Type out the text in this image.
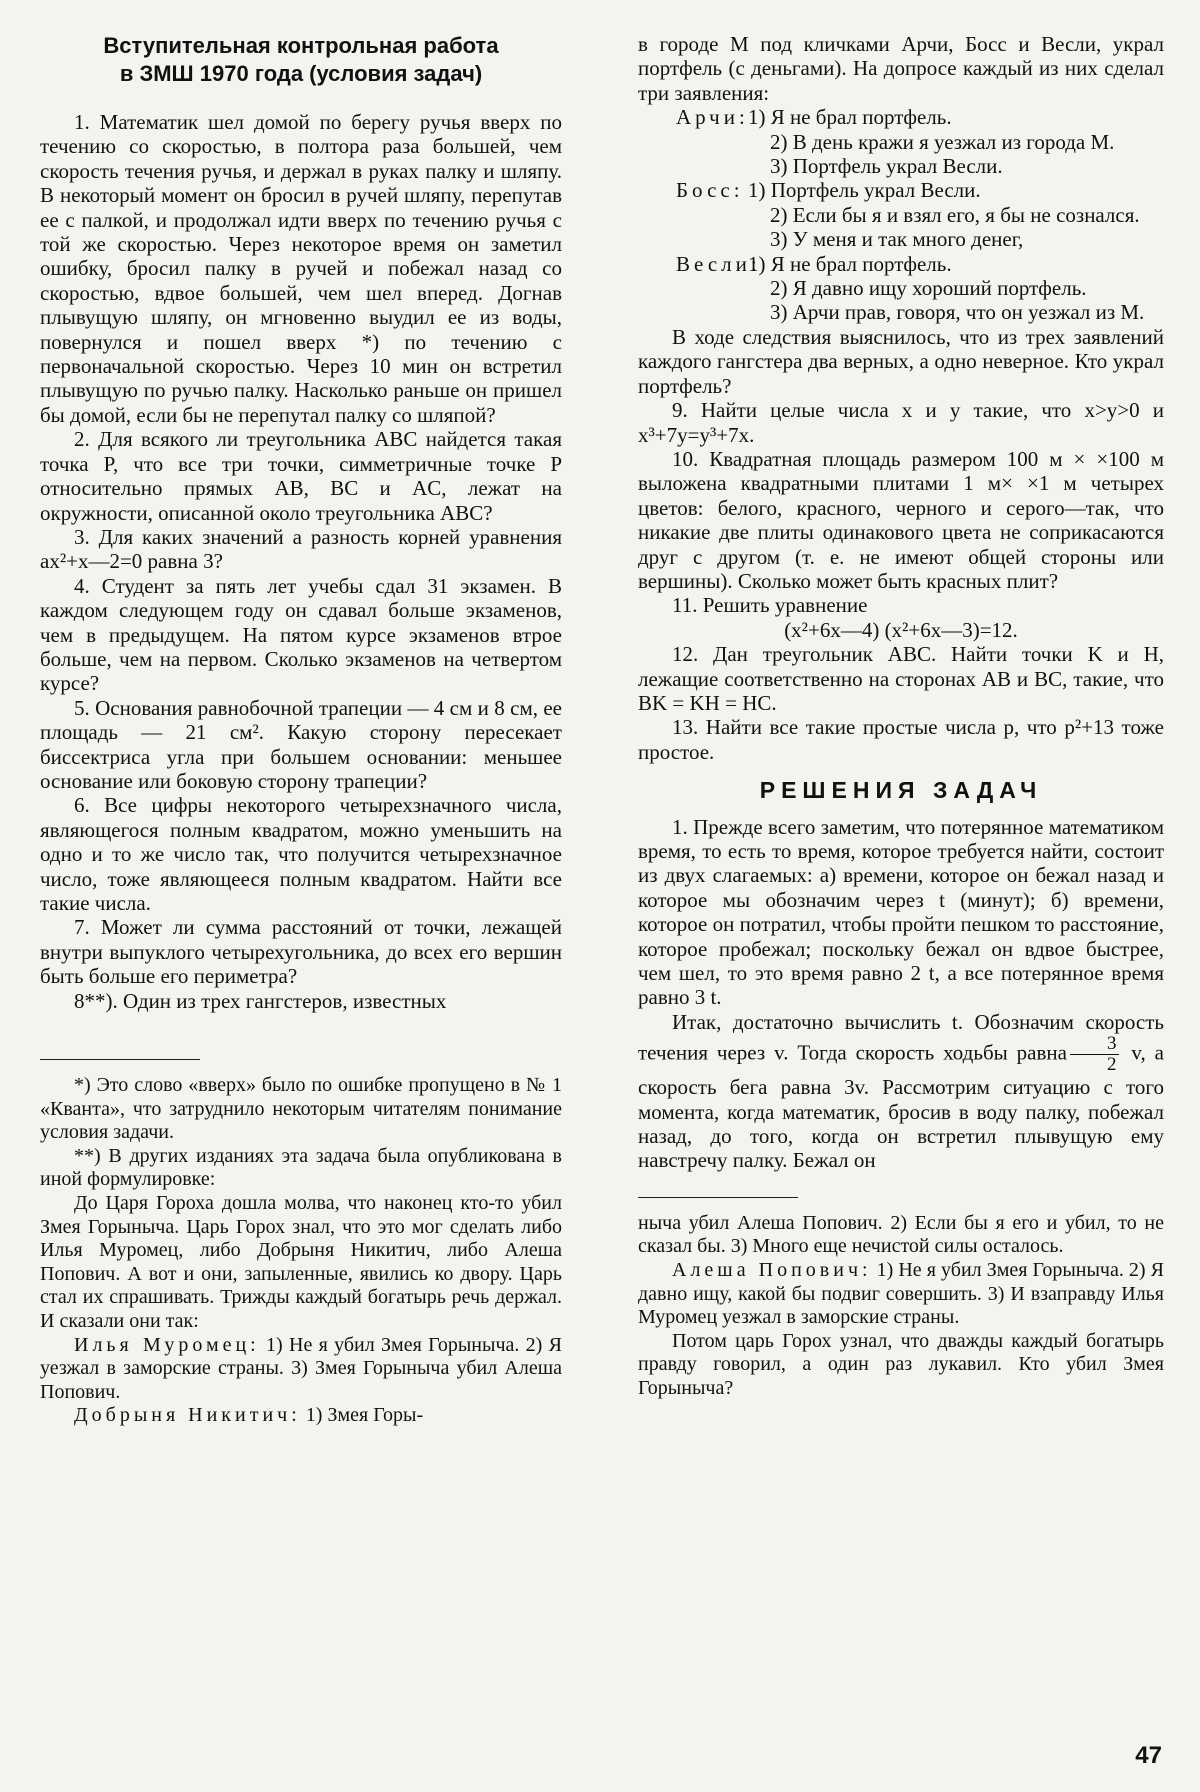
Вступительная контрольная работа
в ЗМШ 1970 года (условия задач)

1. Математик шел домой по берегу ручья вверх по течению со скоростью, в полтора раза большей, чем скорость течения ручья, и держал в руках палку и шляпу. В некоторый момент он бросил в ручей шляпу, перепутав ее с палкой, и продолжал идти вверх по течению ручья с той же скоростью. Через некоторое время он заметил ошибку, бросил палку в ручей и побежал назад со скоростью, вдвое большей, чем шел вперед. Догнав плывущую шляпу, он мгновенно выудил ее из воды, повернулся и пошел вверх *) по течению с первоначальной скоростью. Через 10 мин он встретил плывущую по ручью палку. Насколько раньше он пришел бы домой, если бы не перепутал палку со шляпой?

2. Для всякого ли треугольника ABC найдется такая точка P, что все три точки, симметричные точке P относительно прямых AB, BC и AC, лежат на окружности, описанной около треугольника ABC?

3. Для каких значений a разность корней уравнения ax²+x—2=0 равна 3?

4. Студент за пять лет учебы сдал 31 экзамен. В каждом следующем году он сдавал больше экзаменов, чем в предыдущем. На пятом курсе экзаменов втрое больше, чем на первом. Сколько экзаменов на четвертом курсе?

5. Основания равнобочной трапеции — 4 см и 8 см, ее площадь — 21 см². Какую сторону пересекает биссектриса угла при большем основании: меньшее основание или боковую сторону трапеции?

6. Все цифры некоторого четырехзначного числа, являющегося полным квадратом, можно уменьшить на одно и то же число так, что получится четырехзначное число, тоже являющееся полным квадратом. Найти все такие числа.

7. Может ли сумма расстояний от точки, лежащей внутри выпуклого четырехугольника, до всех его вершин быть больше его периметра?

8**). Один из трех гангстеров, известных

*) Это слово «вверх» было по ошибке пропущено в № 1 «Кванта», что затруднило некоторым читателям понимание условия задачи.

**) В других изданиях эта задача была опубликована в иной формулировке:

До Царя Гороха дошла молва, что наконец кто-то убил Змея Горыныча. Царь Горох знал, что это мог сделать либо Илья Муромец, либо Добрыня Никитич, либо Алеша Попович. А вот и они, запыленные, явились ко двору. Царь стал их спрашивать. Трижды каждый богатырь речь держал. И сказали они так:

Илья Муромец: 1) Не я убил Змея Горыныча. 2) Я уезжал в заморские страны. 3) Змея Горыныча убил Алеша Попович.

Добрыня Никитич: 1) Змея Горы-

в городе M под кличками Арчи, Босс и Весли, украл портфель (с деньгами). На допросе каждый из них сделал три заявления:

Арчи: 1) Я не брал портфель.

2) В день кражи я уезжал из города M.

3) Портфель украл Весли.

Босс: 1) Портфель украл Весли.

2) Если бы я и взял его, я бы не сознался.

3) У меня и так много денег,

Весли:
1) Я не брал портфель.

2) Я давно ищу хороший портфель.

3) Арчи прав, говоря, что он уезжал из M.

В ходе следствия выяснилось, что из трех заявлений каждого гангстера два верных, а одно неверное. Кто украл портфель?

9. Найти целые числа x и y такие, что x>y>0 и x³+7y=y³+7x.

10. Квадратная площадь размером 100 м × ×100 м выложена квадратными плитами 1 м× ×1 м четырех цветов: белого, красного, черного и серого—так, что никакие две плиты одинакового цвета не соприкасаются друг с другом (т. е. не имеют общей стороны или вершины). Сколько может быть красных плит?

11. Решить уравнение

(x²+6x—4) (x²+6x—3)=12.

12. Дан треугольник ABC. Найти точки K и H, лежащие соответственно на сторонах AB и BC, такие, что BK = KH = HC.

13. Найти все такие простые числа p, что p²+13 тоже простое.

РЕШЕНИЯ ЗАДАЧ

1. Прежде всего заметим, что потерянное математиком время, то есть то время, которое требуется найти, состоит из двух слагаемых: а) времени, которое он бежал назад и которое мы обозначим через t (минут); б) времени, которое он потратил, чтобы пройти пешком то расстояние, которое пробежал; поскольку бежал он вдвое быстрее, чем шел, то это время равно 2 t, а все потерянное время равно 3 t.

Итак, достаточно вычислить t. Обозначим скорость течения через v. Тогда скорость ходьбы равна $\frac{3}{2} v$, а скорость бега равна 3v. Рассмотрим ситуацию с того момента, когда математик, бросив в воду палку, побежал назад, до того, когда он встретил плывущую ему навстречу палку. Бежал он

ныча убил Алеша Попович. 2) Если бы я его и убил, то не сказал бы. 3) Много еще нечистой силы осталось.

Алеша Попович: 1) Не я убил Змея Горыныча. 2) Я давно ищу, какой бы подвиг совершить. 3) И взаправду Илья Муромец уезжал в заморские страны.

Потом царь Горох узнал, что дважды каждый богатырь правду говорил, а один раз лукавил. Кто убил Змея Горыныча?

47
